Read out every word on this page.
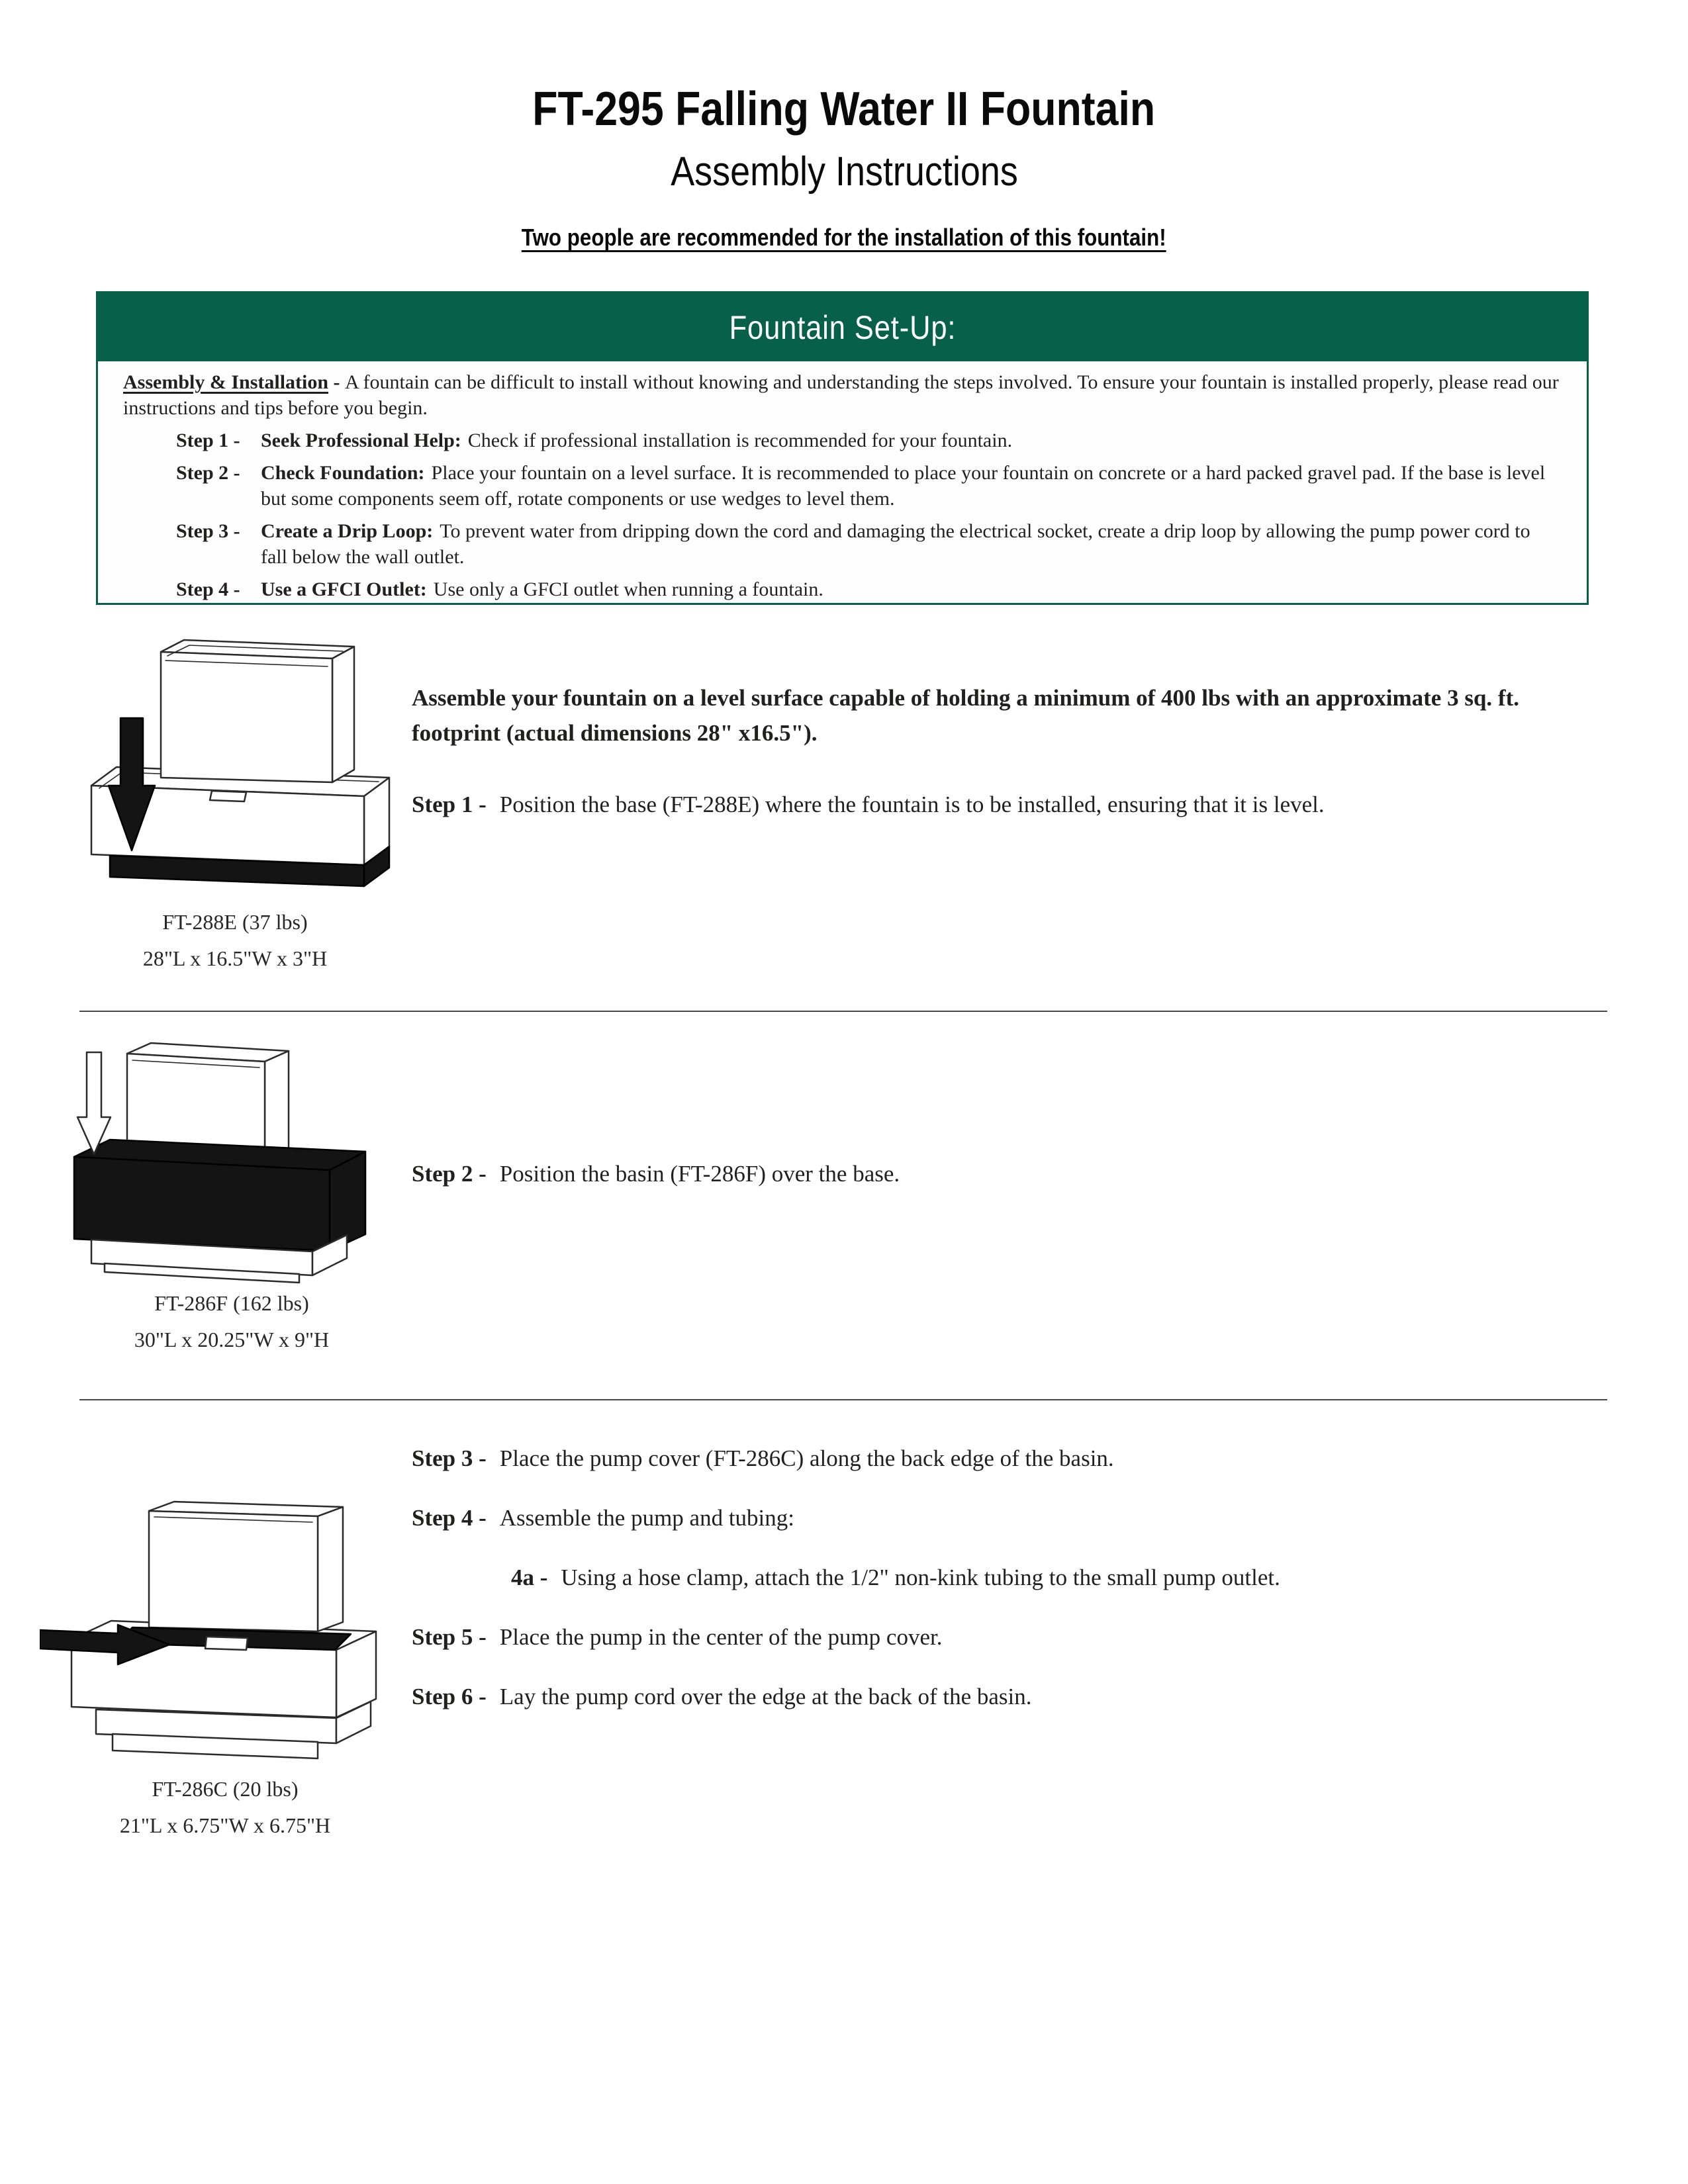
FT-295 Falling Water II Fountain
Assembly Instructions
Two people are recommended for the installation of this fountain!
Fountain Set-Up:
Assembly & Installation - A fountain can be difficult to install without knowing and understanding the steps involved. To ensure your fountain is installed properly, please read our instructions and tips before you begin.
Step 1 -	Seek Professional Help: Check if professional installation is recommended for your fountain.
Step 2 -	Check Foundation: Place your fountain on a level surface. It is recommended to place your fountain on concrete or a hard packed gravel pad. If the base is level but some components seem off, rotate components or use wedges to level them.
Step 3 -	Create a Drip Loop: To prevent water from dripping down the cord and damaging the electrical socket, create a drip loop by allowing the pump power cord to fall below the wall outlet.
Step 4 -	Use a GFCI Outlet: Use only a GFCI outlet when running a fountain.
FT-288E (37 lbs)
28"L x 16.5"W x 3"H
Assemble your fountain on a level surface capable of holding a minimum of 400 lbs with an approximate 3 sq. ft. footprint (actual dimensions 28" x16.5").
Step 1 - Position the base (FT-288E) where the fountain is to be installed, ensuring that it is level.
FT-286F (162 lbs)
30"L x 20.25"W x 9"H
Step 2 - Position the basin (FT-286F) over the base.
Step 3 - Place the pump cover (FT-286C) along the back edge of the basin.
Step 4 - Assemble the pump and tubing:
4a - Using a hose clamp, attach the 1/2" non-kink tubing to the small pump outlet.
Step 5 - Place the pump in the center of the pump cover.
Step 6 - Lay the pump cord over the edge at the back of the basin.
FT-286C (20 lbs)
21"L x 6.75"W x 6.75"H
